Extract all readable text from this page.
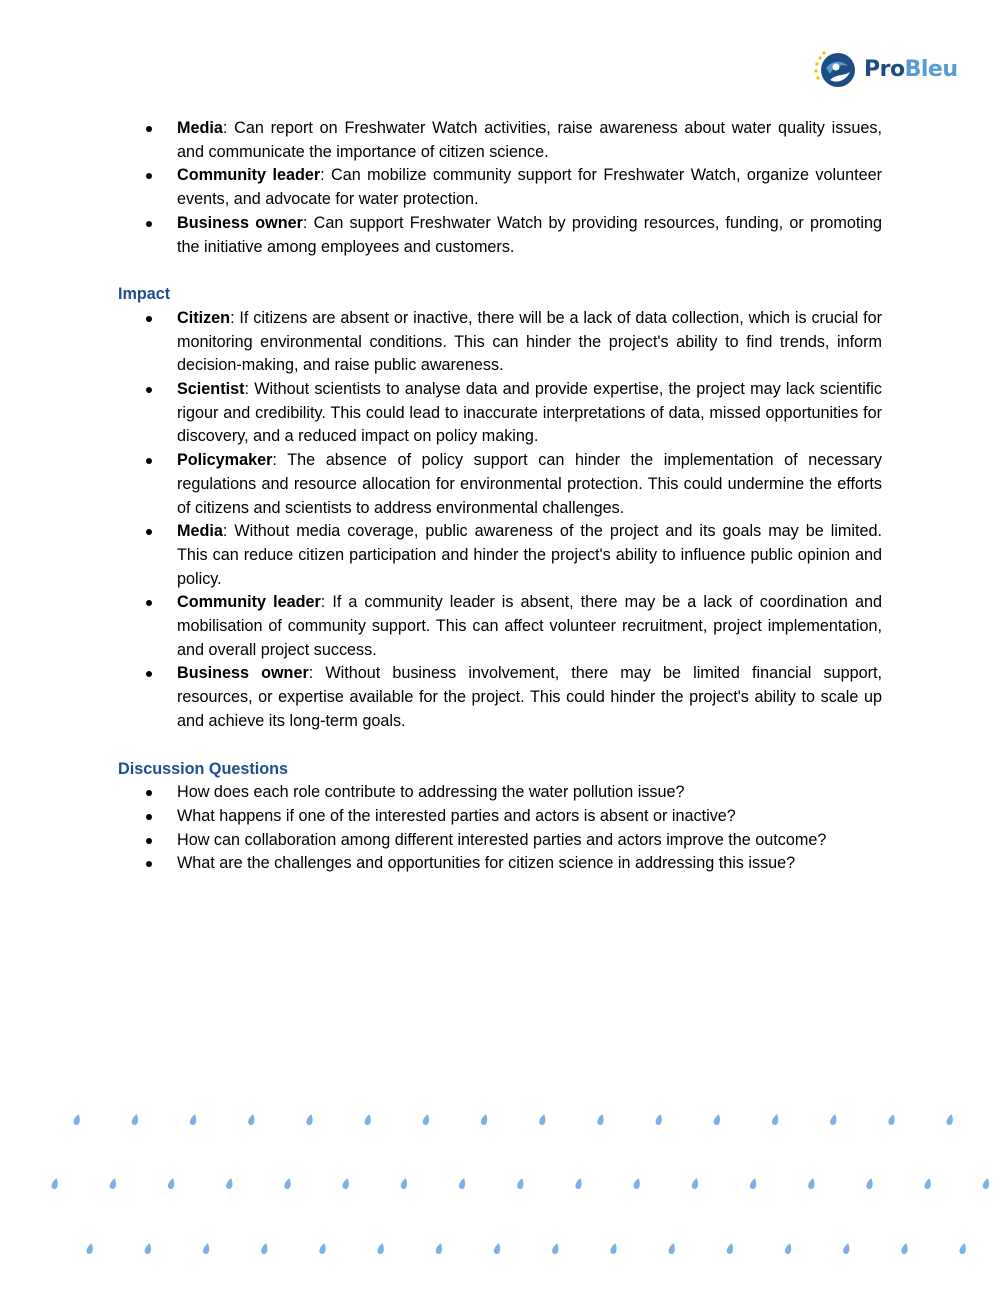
ProBleu
Media: Can report on Freshwater Watch activities, raise awareness about water quality issues, and communicate the importance of citizen science.
Community leader: Can mobilize community support for Freshwater Watch, organize volunteer events, and advocate for water protection.
Business owner: Can support Freshwater Watch by providing resources, funding, or promoting the initiative among employees and customers.

Impact

Citizen: If citizens are absent or inactive, there will be a lack of data collection, which is crucial for monitoring environmental conditions. This can hinder the project's ability to find trends, inform decision-making, and raise public awareness.
Scientist: Without scientists to analyse data and provide expertise, the project may lack scientific rigour and credibility. This could lead to inaccurate interpretations of data, missed opportunities for discovery, and a reduced impact on policy making.
Policymaker: The absence of policy support can hinder the implementation of necessary regulations and resource allocation for environmental protection. This could undermine the efforts of citizens and scientists to address environmental challenges.
Media: Without media coverage, public awareness of the project and its goals may be limited. This can reduce citizen participation and hinder the project's ability to influence public opinion and policy.
Community leader: If a community leader is absent, there may be a lack of coordination and mobilisation of community support. This can affect volunteer recruitment, project implementation, and overall project success.
Business owner: Without business involvement, there may be limited financial support, resources, or expertise available for the project. This could hinder the project's ability to scale up and achieve its long-term goals.

Discussion Questions

How does each role contribute to addressing the water pollution issue?
What happens if one of the interested parties and actors is absent or inactive?
How can collaboration among different interested parties and actors improve the outcome?
What are the challenges and opportunities for citizen science in addressing this issue?
